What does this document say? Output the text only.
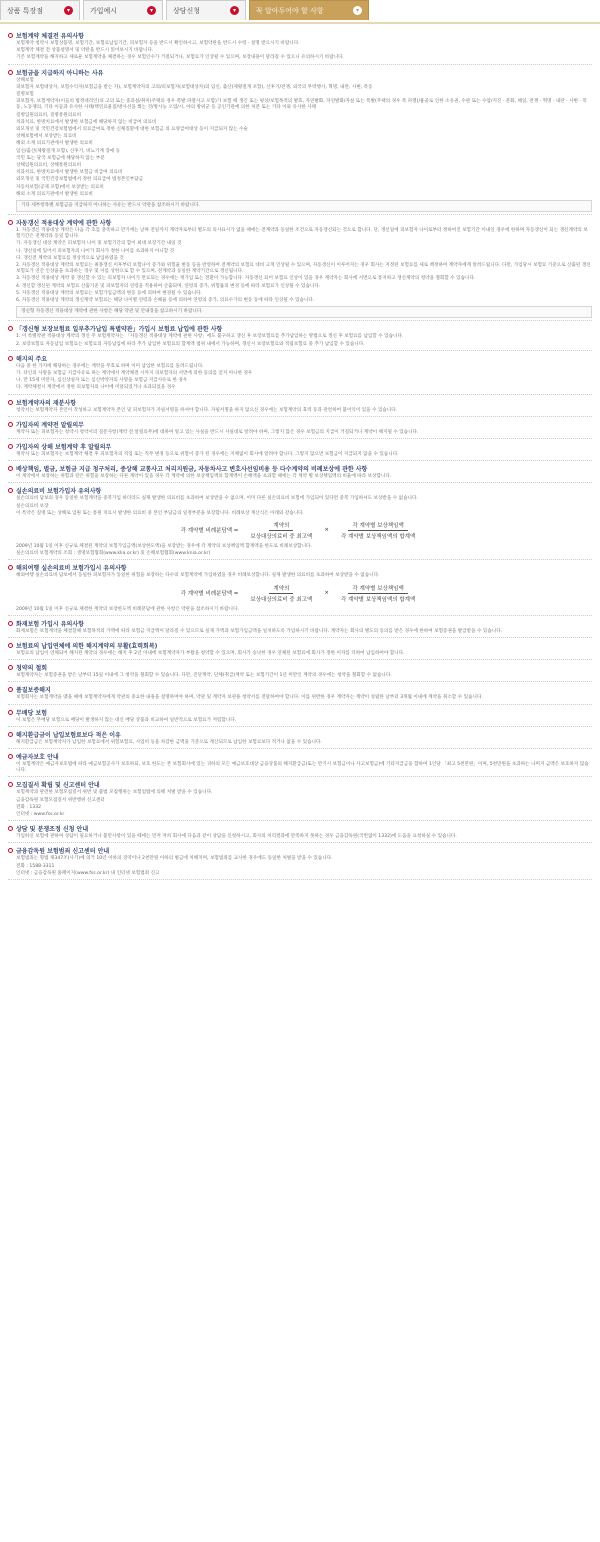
상품 특장점	▾	가입예시	▾	상담신청	▾	꼭 알아두어야 할 사항	▾
보험계약 체결전 유의사항

보험계약 청약시 보험상품명, 보험기간, 보험료납입기간, 피보험자 등을 반드시 확인하시고, 보험약관을 반드시 수령 · 설명 받으시기 바랍니다.

보험계약 체결 전 상품설명서 및 약관을 반드시 읽어보시기 바랍니다.

기존 보험계약을 해지하고 새로운 보험계약을 체결하는 경우 보험인수가 거절되거나, 보험료가 인상될 수 있으며, 보장내용이 달라질 수 있으니 유의하시기 바랍니다.

보험금을 지급하지 아니하는 사유

상해보험

피보험자 보험대상자, 보험수익자(보험금을 받는 자), 보험계약자의 고의/피보험자(보험대상자)의 임신, 출산(제왕절개 포함), 산후기/전쟁, 외국의 무력행사, 혁명, 내란, 사변, 폭동

질병보험

피보험자, 보험계약자(이들의 법정대리인)의 고의 또는 중과실/취미(주택의 경우 폭발 파열사고 포함)가 보험 때 생긴 또는 평상/보험목적의 발효, 자연발화, 자연발화/자살 또는 폭발(주택의 경우 폭 파열)/흉골로 인한 소유권, 수관 또는 수압/지진 · 분화, 해일, 전쟁 · 혁명 · 내란 · 사변 · 폭동, 노동쟁의, 기타 이들과 유사한 사태/핵연료물질/방사선을 쬐는 것/방사능 오염/시, 야의 방위군 등 공인기관에 의한 처분 또는 기타 이와 유사한 사태

질병입원의료비, 질병통원의료비

치과치료, 한방치료에서 발생한 보험금에 해당하지 않는 비급여 의료비

외모개선 및 국민건강보험법에서 의료급여로 정한 신체질환에 대한 보험금 의 요양급여대상 등이 지급되지 않는 수술

상해보험에서 보상받는 의료비

해외 소재 의료기관에서 발생한 의료비

임신/출산(제왕절개 포함), 산후기, 비뇨기계 장애 등

국민 또는 당국 보험금에 해당하지 않는 부분

상해입원의료비, 상해통원의료비

치과치료, 한방치료에서 발생한 보험금 비급여 의료비

외모개선 및 국민건강보험법에서 정한 의료급여 법정본인부담금

자동차보험(공제 포함)에서 보상받는 의료비

해외 소재 의료기관에서 발생한 의료비

기타 세부항목별 보험금을 지급하지 아니하는 사유는 반드시 약관을 참조하시기 바랍니다.
자동갱신 적용대상 계약에 관한 사항

1. 자동갱신 적용대상 계약은 다음 각 호를 충족하고 만기에는 날짜 전일까지 계약자로부터 별도의 의사표시가 없을 때에는 전계약과 동일한 조건으로 자동갱신되는 것으로 합니다. 단, 갱신일에 피보험자 나이로부터 정하여진 보험기간 이내인 경우에 한하며 자동갱신이 되는 갱신계약의 보험기간은 전계약과 동일 합니다.

가. 자동갱신 대상 계약은 피보험자 나이 및 보험기간의 합이 최대 보장기간 내일 것

나. 갱신일에 있어서 피보험자의 나이가 회사가 정한 나이를 초과하지 아니할 것

다. 갱신전 계약의 보험료를 정상적으로 납입하였을 것

2. 자동갱신 적용대상 계약의 보험료는 최종갱신 이후부터 보험나이 증가와 위험율 변동 등을 반영하여 전계약의 보험료 대비 크게 인상될 수 있으며, 자동갱신이 이루어지는 경우 회사는 지정된 보험료를 새로 책정하여 계약자에게 알려드립니다. 다만, 가입당시 보험료 기준으로 산출된 갱신보험료가 연간 인상율을 초과하는 경우 및 이를 상한으로 할 수 있으며, 전계약과 동일한 계약기간으로 갱신됩니다.

3. 자동갱신 적용대상 계약 중 갱신할 수 있는 피보험자 나이가 만료되는 경우에는 재가입 또는 전환이 가능합니다. 자동갱신 되어 보험료 인상이 있을 경우 계약자는 회사에 서면으로 통지하고 갱신계약의 청약을 철회할 수 있습니다.

4. 갱신할 갱신된 계약의 보험료 산출기준 및 피보험자의 연령을 적용하여 산출되며, 연령의 증가, 위험률의 변경 등에 따라 보험료가 인상될 수 있습니다.

5. 자동갱신 적용대상 계약의 보험료는 보험가입금액의 변동 등에 의하여 변경될 수 있습니다.

6. 자동갱신 적용대상 계약의 갱신계약 보험료는 해당 나이별 연령과 손해율 등에 의하여 연령의 증가, 의료수가의 변동 등에 따라 인상될 수 있습니다.

갱신형 자동갱신 적용대상 계약에 관한 사항은 해당 약관 및 안내장을 참고하시기 바랍니다.
「갱신형 보장보험료 일부추가납입 특별약관」가입시 보험료 납입에 관한 사항

1. 이 특별약관 적용대상 계약의 갱신 주 보험계약자는 「자동갱신 적용대상 계약에 관한 사항」에도 불구하고 갱신 후 보장보험료를 추가납입하는 방법으로 갱신 후 보험료를 납입할 수 있습니다.

2. 보장보험료 자동납입 보험료는 보험료의 자동납입에 따라 추가 납입한 보험료의 합계액 범위 내에서 가능하며, 갱신시 보장보험료와 적립보험료 중 추가 납입할 수 있습니다.

해지의 주요

다음 중 한 가지에 해당하는 경우에는 계약을 무효로 하며 이미 납입한 보험료를 돌려드립니다.

가. 타인의 사망을 보험금 지급사유로 하는 계약에서 계약체결 시까지 피보험자의 서면에 의한 동의를 얻지 아니한 경우

나. 만 15세 미만자, 심신상실자 또는 심신박약자의 사망을 보험금 지급사유로 한 경우

다. 계약체결시 계약에서 정한 피보험자의 나이에 미달되었거나 초과되었을 경우

보험계약자의 재분사항

청약서는 보험계약자 본인이 작성하고 보험계약자 본인 및 피보험자가 자필서명을 하셔야 합니다. 자필서명을 하지 않으신 경우에는 보험계약의 효력 등과 관련하여 불이익이 있을 수 있습니다.

가입자의 계약전 알릴의무

계약자 또는 피보험자는 청약시 청약서의 질문사항(계약 전 알릴의무)에 대하여 알고 있는 사실을 반드시 사실대로 알려야 하며, 그렇지 않은 경우 보험금의 지급이 거절되거나 계약이 해지될 수 있습니다.

가입자의 상해 보험계약 후 알릴의무

계약자 또는 피보험자는 보험계약 체결 후 피보험자의 직업 또는 직무 변경 등으로 위험이 증가 된 경우에는 지체없이 회사에 알려야 합니다. 그렇지 않으면 보험금이 지급되지 않을 수 있습니다.

배상책임, 별금, 보험금 지급 청구처리, 중상해 교통사고 처리지원금, 자동차사고 변호사선임비용 등 다수계약의 비례보상에 관한 사항

이 계약에서 보장하는 위험과 같은 위험을 보장하는 다른 계약이 있을 경우 각 계약에 의한 보상책임액의 합계액이 손해액을 초과할 때에는 각 계약 별 보상책임액의 비율에 따라 보상합니다.

실손의료비 보험가입자 유의사항

실손의료비 담보의 경우 동일한 보험계약을 중복가입 하더라도 실제 발생한 의료비를 초과하여 보상받을 수 없으며, 이미 다른 실손의료비 보험에 가입되어 있다면 중복 가입하셔도 보상받을 수 없습니다.

실손의료비 보장

이 특약은 질병 또는 상해로 입원 또는 통원 치료시 발생한 의료비 중 본인 부담금의 일정부분을 보장합니다. 비례보상 계산식은 아래와 같습니다.

각 계약별 비례분담액 = $\frac{\text{계약의}}{\text{보상대상의료비 중 최고액}} \times \frac{\text{각 계약별 보상책임액}}{\text{각 계약별 보상책임액의 합계액}}$

2009년 10월 1일 이후 신규로 체결된 계약의 보험가입금액(보상한도액)을 보장받는 경우에 각 계약의 보상책임액 합계액을 한도로 비례보상합니다.

실손의료비 보험계약의 조회 : 생명보험협회(www.klia.or.kr) 및 손해보험협회(www.knia.or.kr)

해외여행 실손의료비 보험가입시 유의사항

해외여행 실손의료비 담보에서 동일한 피보험자가 동일한 위험을 보장하는 다수의 보험계약에 가입하였을 경우 비례보상합니다. 실제 발생한 의료비를 초과하여 보상받을 수 없습니다.

각 계약별 비례분담액 = $\frac{\text{계약의}}{\text{보상대상의료비 중 최고액}} \times \frac{\text{각 계약별 보상책임액}}{\text{각 계약별 보상책임액의 합계액}}$

2009년 10월 1일 이후 신규로 체결한 계약의 보장한도액 비례분담에 관한 사항은 약관을 참조하시기 바랍니다.

화재보험 가입시 유의사항

화재보험은 보험계약을 체결할때 보험목적의 가액에 따라 보험금 지급액이 달라질 수 있으므로 실제 가액과 보험가입금액을 일치하도록 가입하시기 바랍니다. 계약자는 회사의 별도의 동의를 받은 경우에 한하여 보험증권을 발급받을 수 있습니다.

보험료의 납입연체에 의한 해지계약의 부활(효력회복)

보험료의 납입이 연체되어 해지된 계약의 경우에는 해지 후 2년 이내에 보험계약자가 부활을 청약할 수 있으며, 회사가 승낙한 경우 연체된 보험료에 회사가 정한 이자를 더하여 납입하여야 합니다.

청약의 철회

보험계약자는 보험증권을 받은 날부터 15일 이내에 그 청약을 철회할 수 있습니다. 다만, 진단계약, 단체(취급)계약 또는 보험기간이 1년 미만인 계약의 경우에는 청약을 철회할 수 없습니다.

품질보증해지

보험회사는 보험계약을 맺을 때에 보험계약자에게 약관의 중요한 내용을 설명하여야 하며, 약관 및 계약자 보관용 청약서를 전달하여야 합니다. 이를 위반한 경우 계약자는 계약이 성립한 날부터 3개월 이내에 계약을 취소할 수 있습니다.

무배당 보험

이 보험은 무배당 보험으로 배당이 발생하지 않는 대신 배당 상품과 비교하여 일반적으로 보험료가 저렴합니다.

해지환급금이 납입보험료보다 적은 이유

해지환급금은 보험계약자가 납입한 보험료에서 위험보험료, 사업비 등을 차감한 금액을 기준으로 계산되므로 납입한 보험료보다 적거나 없을 수 있습니다.

예금자보호 안내

이 보험계약은 예금자보호법에 따라 예금보험공사가 보호하되, 보호 한도는 본 보험회사에 있는 귀하의 모든 예금보호대상 금융상품의 해지환급금(또는 만기시 보험금이나 사고보험금)에 기타지급금을 합하여 1인당 「최고 5천만원」이며, 5천만원을 초과하는 나머지 금액은 보호하지 않습니다.

모집질서 확립 및 신고센터 안내

보험계약과 관련한 보험모집질서 위반 및 불법 모집행위는 보험업법에 의해 처벌 받을 수 있습니다.

금융감독원 보험모집질서 위반행위 신고센터

전화 : 1332

인터넷 : www.fss.or.kr

상담 및 분쟁조정 신청 안내

가입하신 보험에 관하여 상담이 필요하거나 불만사항이 있을 때에는 먼저 저희 회사에 다음과 같이 상담을 신청하시고, 회사의 처리결과에 만족하지 못하는 경우 금융감독원(국번없이 1332)에 도움을 요청하실 수 있습니다.

금융감독원 보험범죄 신고센터 안내

보험범죄는 형법 제347조(사기)에 의거 10년 이하의 징역이나 2천만원 이하의 벌금에 처해지며, 보험범죄를 교사한 경우에도 동일한 처벌을 받을 수 있습니다.

전화 : 1588-3311

인터넷 : 금융감독원 홈페이지(www.fss.or.kr) 내 인터넷 보험범죄 신고
